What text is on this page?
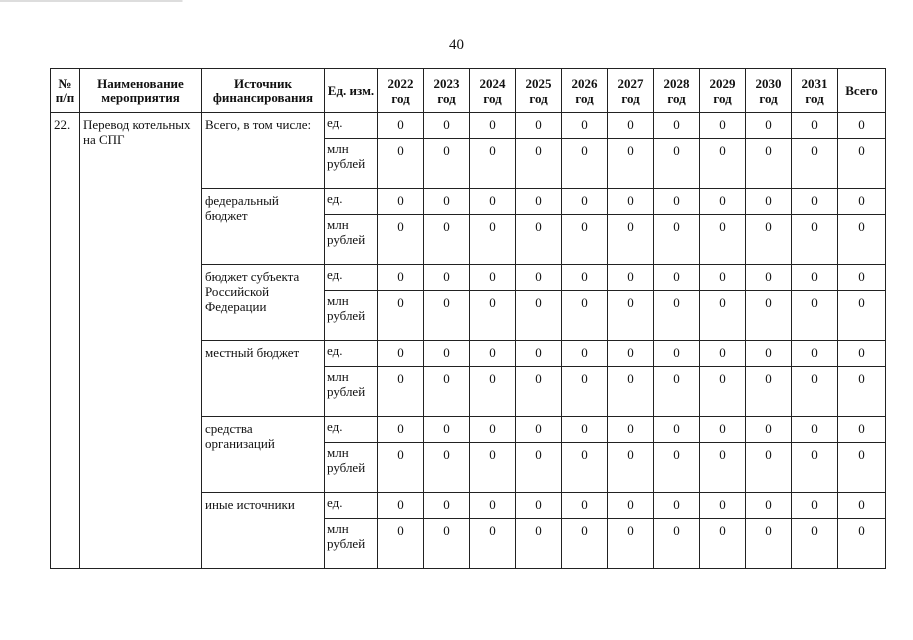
40
№ п/п	Наименование мероприятия	Источник финансирования	Ед. изм.	2022 год	2023 год	2024 год	2025 год	2026 год	2027 год	2028 год	2029 год	2030 год	2031 год	Всего
22.	Перевод котельных на СПГ	Всего, в том числе:	ед.	0	0	0	0	0	0	0	0	0	0	0
			млн рублей	0	0	0	0	0	0	0	0	0	0	0
		федеральный бюджет	ед.	0	0	0	0	0	0	0	0	0	0	0
			млн рублей	0	0	0	0	0	0	0	0	0	0	0
		бюджет субъекта Российской Федерации	ед.	0	0	0	0	0	0	0	0	0	0	0
			млн рублей	0	0	0	0	0	0	0	0	0	0	0
		местный бюджет	ед.	0	0	0	0	0	0	0	0	0	0	0
			млн рублей	0	0	0	0	0	0	0	0	0	0	0
		средства организаций	ед.	0	0	0	0	0	0	0	0	0	0	0
			млн рублей	0	0	0	0	0	0	0	0	0	0	0
		иные источники	ед.	0	0	0	0	0	0	0	0	0	0	0
			млн рублей	0	0	0	0	0	0	0	0	0	0	0
